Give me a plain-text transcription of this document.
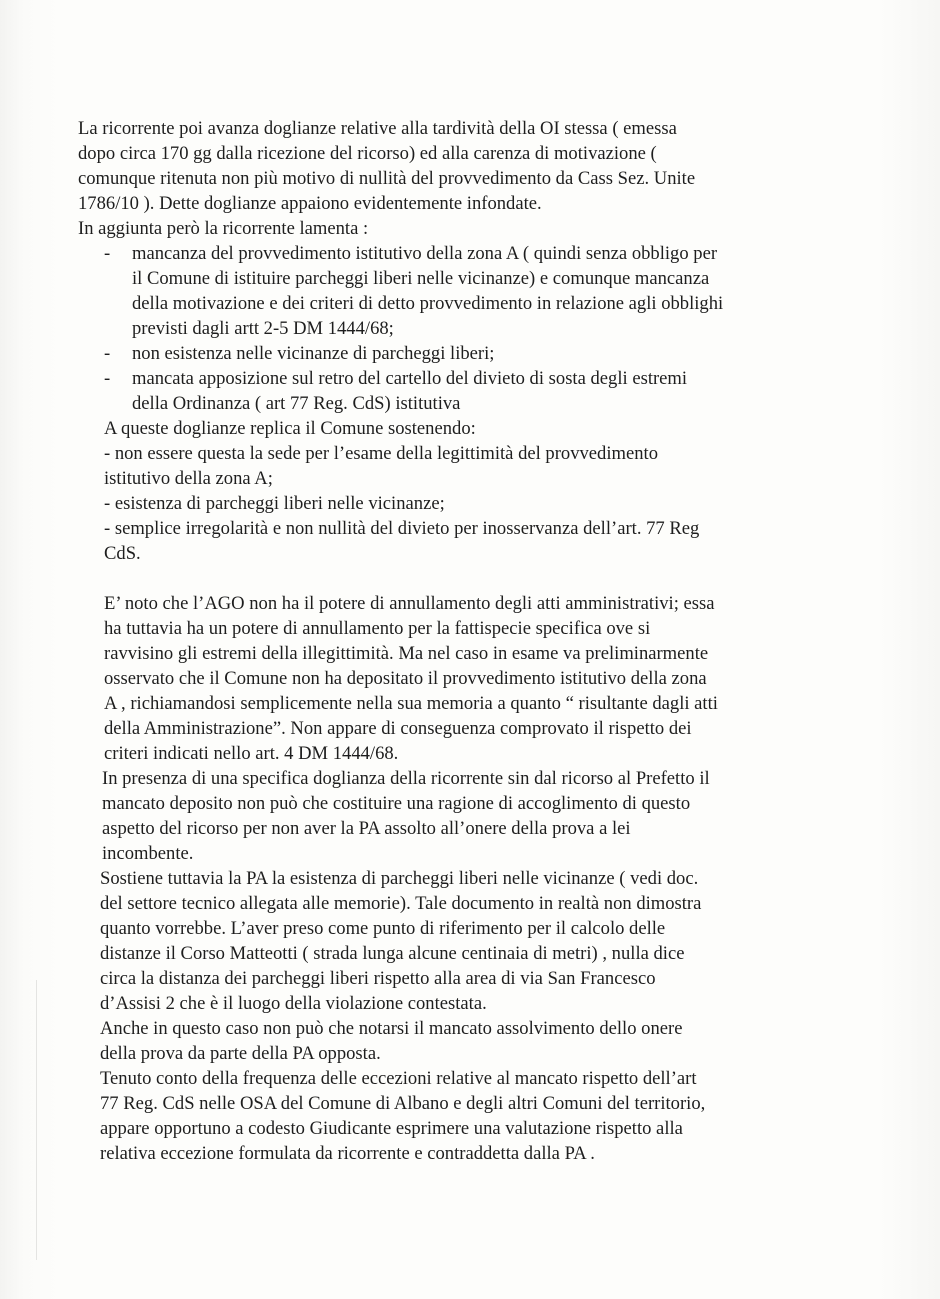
La ricorrente poi avanza doglianze relative alla tardività della OI stessa ( emessa
dopo circa 170 gg dalla ricezione del ricorso) ed alla carenza di motivazione (
comunque ritenuta non più motivo di nullità del provvedimento da Cass Sez. Unite
1786/10 ). Dette doglianze appaiono evidentemente infondate.
In aggiunta però la ricorrente lamenta :
- mancanza del provvedimento istitutivo della zona A ( quindi senza obbligo per
il Comune di istituire parcheggi liberi nelle vicinanze) e comunque mancanza
della motivazione e dei criteri di detto provvedimento in relazione agli obblighi
previsti dagli artt 2-5 DM 1444/68;
- non esistenza nelle vicinanze di parcheggi liberi;
- mancata apposizione sul retro del cartello del divieto di sosta degli estremi
della Ordinanza ( art 77 Reg. CdS) istitutiva
A queste doglianze replica il Comune sostenendo:
- non essere questa la sede per l’esame della legittimità del provvedimento
istitutivo della zona A;
- esistenza di parcheggi liberi nelle vicinanze;
- semplice irregolarità e non nullità del divieto per inosservanza dell’art. 77 Reg
CdS.
E’ noto che l’AGO non ha il potere di annullamento degli atti amministrativi; essa
ha tuttavia ha un potere di annullamento per la fattispecie specifica ove si
ravvisino gli estremi della illegittimità. Ma nel caso in esame va preliminarmente
osservato che il Comune non ha depositato il provvedimento istitutivo della zona
A , richiamandosi semplicemente nella sua memoria a quanto “ risultante dagli atti
della Amministrazione”. Non appare di conseguenza comprovato il rispetto dei
criteri indicati nello art. 4 DM 1444/68.
In presenza di una specifica doglianza della ricorrente sin dal ricorso al Prefetto il
mancato deposito non può che costituire una ragione di accoglimento di questo
aspetto del ricorso per non aver la PA assolto all’onere della prova a lei
incombente.
Sostiene tuttavia la PA la esistenza di parcheggi liberi nelle vicinanze ( vedi doc.
del settore tecnico allegata alle memorie). Tale documento in realtà non dimostra
quanto vorrebbe. L’aver preso come punto di riferimento per il calcolo delle
distanze il Corso Matteotti ( strada lunga alcune centinaia di metri) , nulla dice
circa la distanza dei parcheggi liberi rispetto alla area di via San Francesco
d’Assisi 2 che è il luogo della violazione contestata.
Anche in questo caso non può che notarsi il mancato assolvimento dello onere
della prova da parte della PA opposta.
Tenuto conto della frequenza delle eccezioni relative al mancato rispetto dell’art
77 Reg. CdS nelle OSA del Comune di Albano e degli altri Comuni del territorio,
appare opportuno a codesto Giudicante esprimere una valutazione rispetto alla
relativa eccezione formulata da ricorrente e contraddetta dalla PA .
